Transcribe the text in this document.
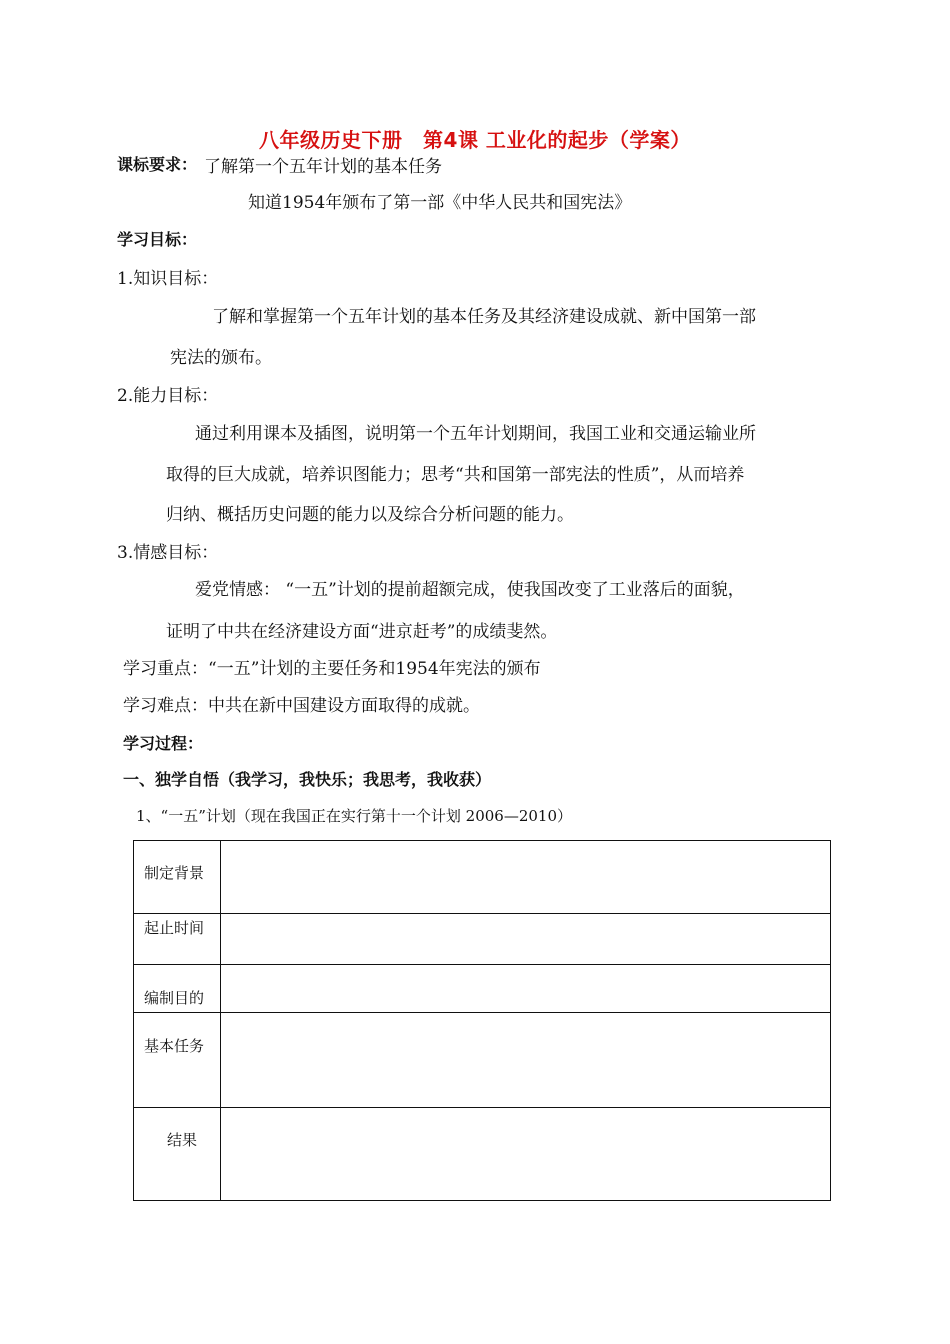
八年级历史下册　第4课 工业化的起步（学案）
课标要求： 了解第一个五年计划的基本任务
知道1954年颁布了第一部《中华人民共和国宪法》
学习目标：
1.知识目标：
了解和掌握第一个五年计划的基本任务及其经济建设成就、新中国第一部
宪法的颁布。
2.能力目标：
通过利用课本及插图，说明第一个五年计划期间，我国工业和交通运输业所
取得的巨大成就，培养识图能力；思考“共和国第一部宪法的性质”，从而培养
归纳、概括历史问题的能力以及综合分析问题的能力。
3.情感目标：
爱党情感： “一五”计划的提前超额完成，使我国改变了工业落后的面貌，
证明了中共在经济建设方面“进京赶考”的成绩斐然。
学习重点：“一五”计划的主要任务和1954年宪法的颁布
学习难点：中共在新中国建设方面取得的成就。
学习过程：
一、独学自悟（我学习，我快乐；我思考，我收获）
1、“一五”计划（现在我国正在实行第十一个计划 2006—2010）
制定背景	

起止时间	

编制目的	

基本任务	

结果	
